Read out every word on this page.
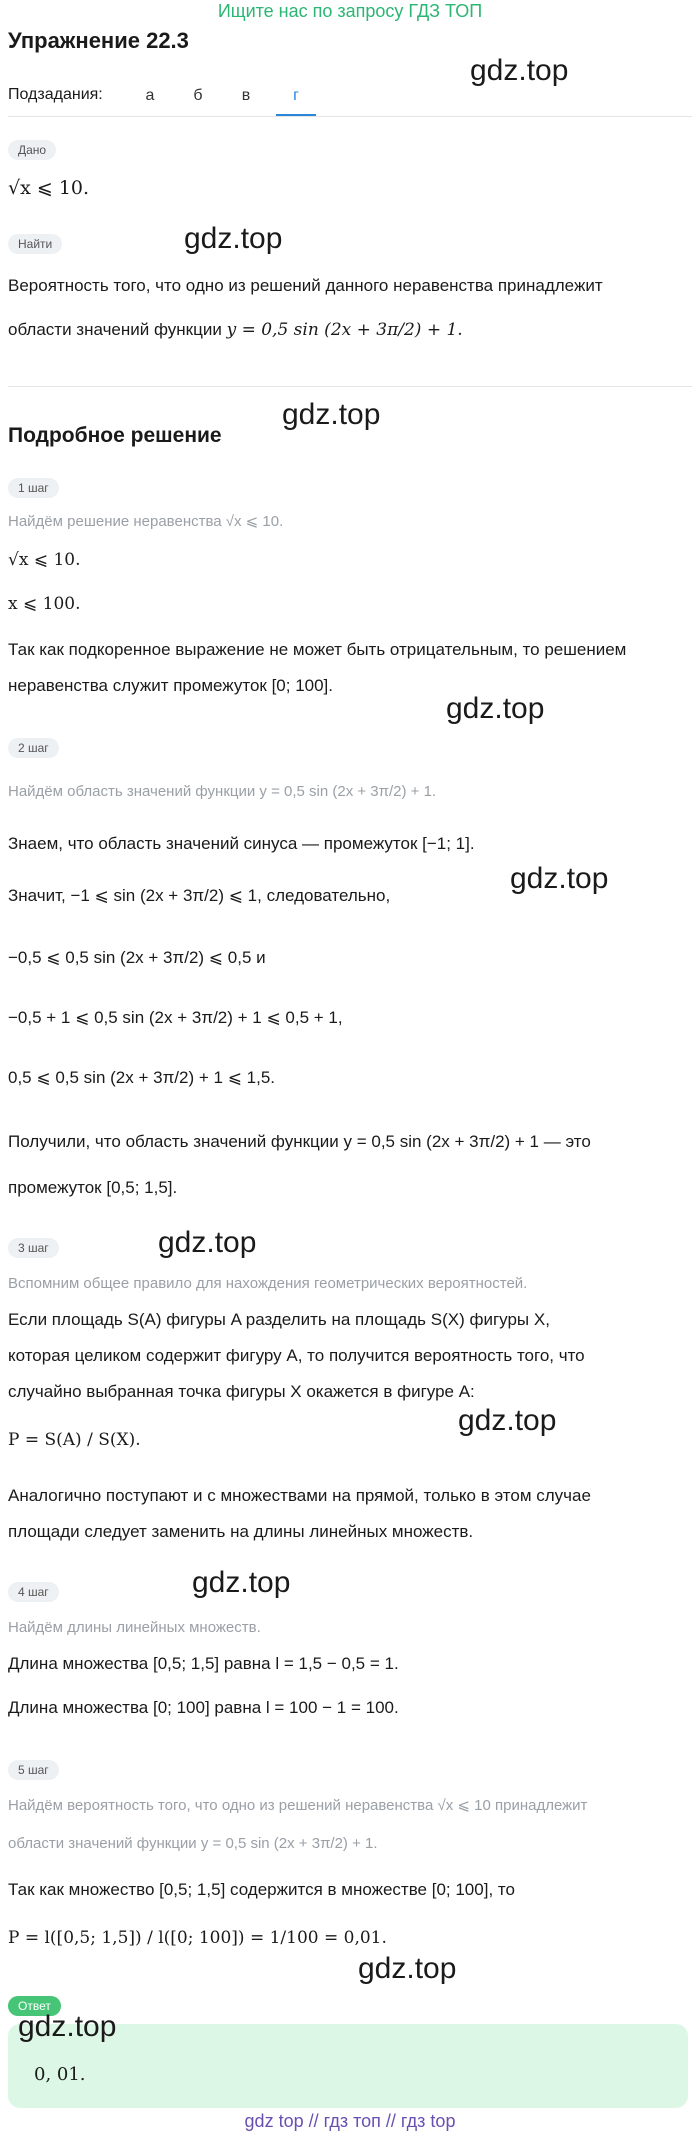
Ищите нас по запросу ГДЗ ТОП
Упражнение 22.3
Подзадания:	а	б	в	г
Дано
√x ⩽ 10.
Найти
Вероятность того, что одно из решений данного неравенства принадлежит
области значений функции y = 0,5 sin (2x + 3π/2) + 1.
Подробное решение
1 шаг
Найдём решение неравенства √x ⩽ 10.
√x ⩽ 10.
x ⩽ 100.
Так как подкоренное выражение не может быть отрицательным, то решением
неравенства служит промежуток [0; 100].
2 шаг
Найдём область значений функции y = 0,5 sin (2x + 3π/2) + 1.
Знаем, что область значений синуса — промежуток [−1; 1].
Значит, −1 ⩽ sin (2x + 3π/2) ⩽ 1, следовательно,
−0,5 ⩽ 0,5 sin (2x + 3π/2) ⩽ 0,5 и
−0,5 + 1 ⩽ 0,5 sin (2x + 3π/2) + 1 ⩽ 0,5 + 1,
0,5 ⩽ 0,5 sin (2x + 3π/2) + 1 ⩽ 1,5.
Получили, что область значений функции y = 0,5 sin (2x + 3π/2) + 1 — это
промежуток [0,5; 1,5].
3 шаг
Вспомним общее правило для нахождения геометрических вероятностей.
Если площадь S(A) фигуры A разделить на площадь S(X) фигуры X,
которая целиком содержит фигуру A, то получится вероятность того, что
случайно выбранная точка фигуры X окажется в фигуре A:
P = S(A) / S(X).
Аналогично поступают и с множествами на прямой, только в этом случае
площади следует заменить на длины линейных множеств.
4 шаг
Найдём длины линейных множеств.
Длина множества [0,5; 1,5] равна l = 1,5 − 0,5 = 1.
Длина множества [0; 100] равна l = 100 − 1 = 100.
5 шаг
Найдём вероятность того, что одно из решений неравенства √x ⩽ 10 принадлежит
области значений функции y = 0,5 sin (2x + 3π/2) + 1.
Так как множество [0,5; 1,5] содержится в множестве [0; 100], то
P = l([0,5; 1,5]) / l([0; 100]) = 1/100 = 0,01.
Ответ
0, 01.
gdz.top
gdz.top
gdz.top
gdz.top
gdz.top
gdz.top
gdz.top
gdz.top
gdz.top
gdz.top
gdz top // гдз топ // гдз top
